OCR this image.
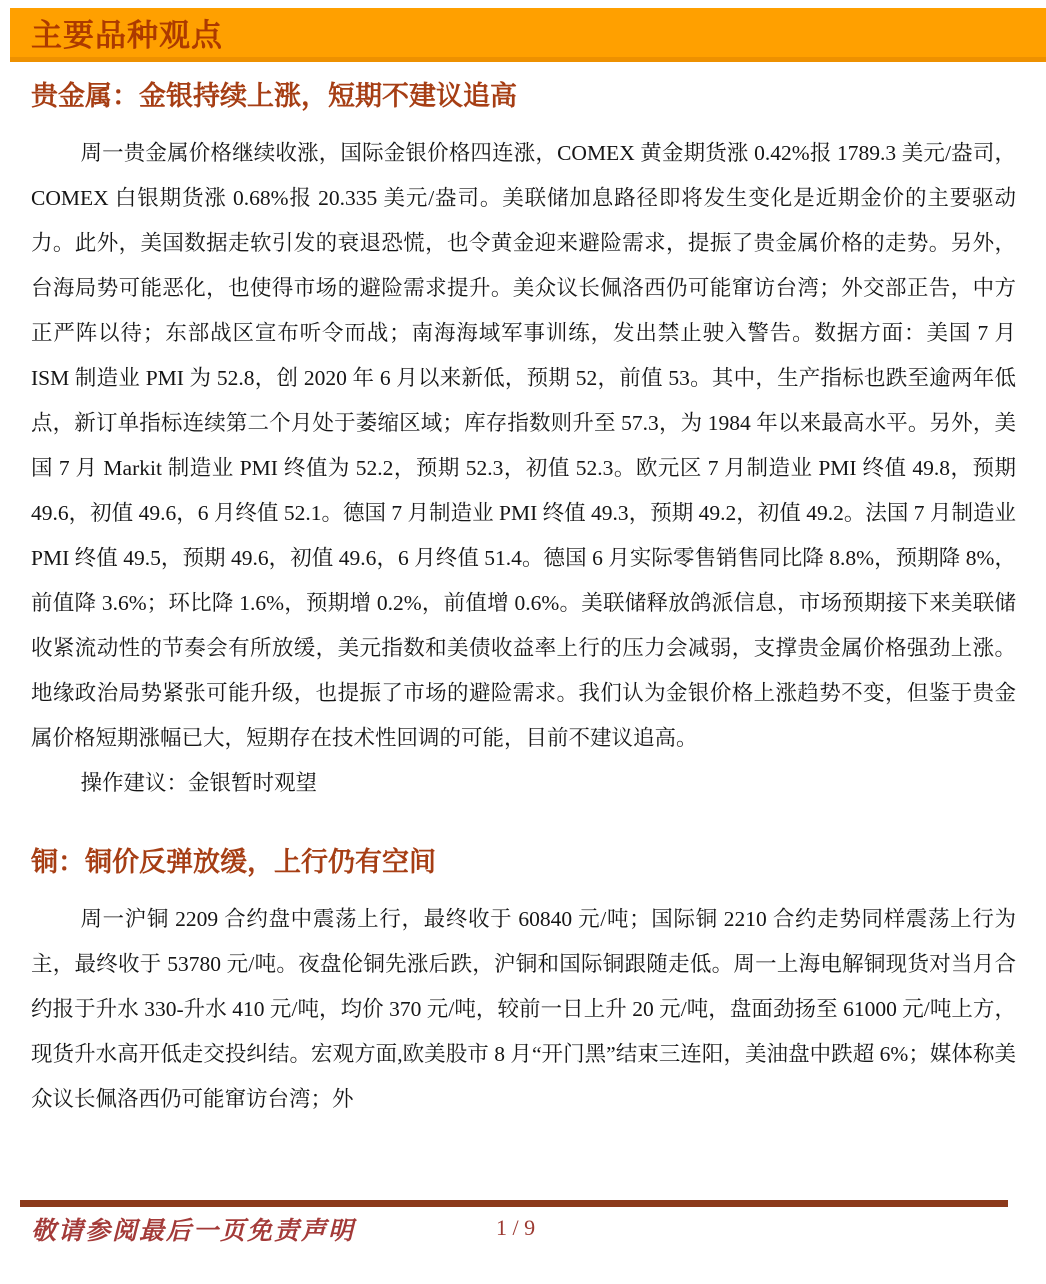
主要品种观点
贵金属：金银持续上涨，短期不建议追高

周一贵金属价格继续收涨，国际金银价格四连涨，COMEX 黄金期货涨 0.42%报 1789.3 美元/盎司，COMEX 白银期货涨 0.68%报 20.335 美元/盎司。美联储加息路径即将发生变化是近期金价的主要驱动力。此外，美国数据走软引发的衰退恐慌，也令黄金迎来避险需求，提振了贵金属价格的走势。另外，台海局势可能恶化，也使得市场的避险需求提升。美众议长佩洛西仍可能窜访台湾；外交部正告，中方正严阵以待；东部战区宣布听令而战；南海海域军事训练，发出禁止驶入警告。数据方面：美国 7 月 ISM 制造业 PMI 为 52.8，创 2020 年 6 月以来新低，预期 52，前值 53。其中，生产指标也跌至逾两年低点，新订单指标连续第二个月处于萎缩区域；库存指数则升至 57.3，为 1984 年以来最高水平。另外，美国 7 月 Markit 制造业 PMI 终值为 52.2，预期 52.3，初值 52.3。欧元区 7 月制造业 PMI 终值 49.8，预期 49.6，初值 49.6，6 月终值 52.1。德国 7 月制造业 PMI 终值 49.3，预期 49.2，初值 49.2。法国 7 月制造业 PMI 终值 49.5，预期 49.6，初值 49.6，6 月终值 51.4。德国 6 月实际零售销售同比降 8.8%，预期降 8%，前值降 3.6%；环比降 1.6%，预期增 0.2%，前值增 0.6%。美联储释放鸽派信息，市场预期接下来美联储收紧流动性的节奏会有所放缓，美元指数和美债收益率上行的压力会减弱，支撑贵金属价格强劲上涨。地缘政治局势紧张可能升级，也提振了市场的避险需求。我们认为金银价格上涨趋势不变，但鉴于贵金属价格短期涨幅已大，短期存在技术性回调的可能，目前不建议追高。

操作建议：金银暂时观望

铜：铜价反弹放缓，上行仍有空间

周一沪铜 2209 合约盘中震荡上行，最终收于 60840 元/吨；国际铜 2210 合约走势同样震荡上行为主，最终收于 53780 元/吨。夜盘伦铜先涨后跌，沪铜和国际铜跟随走低。周一上海电解铜现货对当月合约报于升水 330-升水 410 元/吨，均价 370 元/吨，较前一日上升 20 元/吨，盘面劲扬至 61000 元/吨上方，现货升水高开低走交投纠结。宏观方面,欧美股市 8 月“开门黑”结束三连阳，美油盘中跌超 6%；媒体称美众议长佩洛西仍可能窜访台湾；外

敬请参阅最后一页免责声明	1 / 9
